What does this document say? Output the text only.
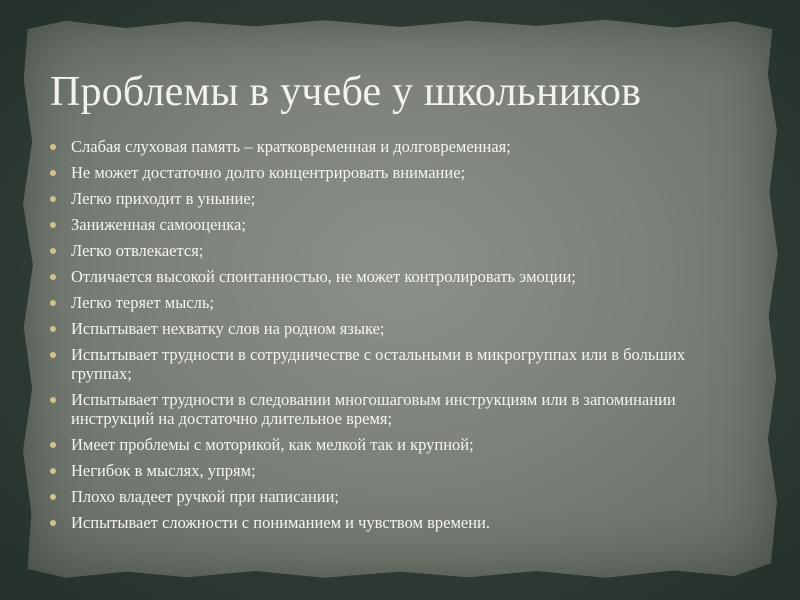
Проблемы в учебе у школьников
Слабая слуховая память – кратковременная и долговременная;
Не может достаточно долго концентрировать внимание;
Легко приходит в уныние;
Заниженная самооценка;
Легко отвлекается;
Отличается высокой спонтанностью, не может контролировать эмоции;
Легко теряет мысль;
Испытывает нехватку слов на родном языке;
Испытывает трудности в сотрудничестве с остальными в микрогруппах или в больших группах;
Испытывает трудности в следовании многошаговым инструкциям или в запоминании инструкций на достаточно длительное время;
Имеет проблемы с моторикой, как мелкой так и крупной;
Негибок в мыслях, упрям;
Плохо владеет ручкой при написании;
Испытывает сложности с пониманием и чувством времени.
